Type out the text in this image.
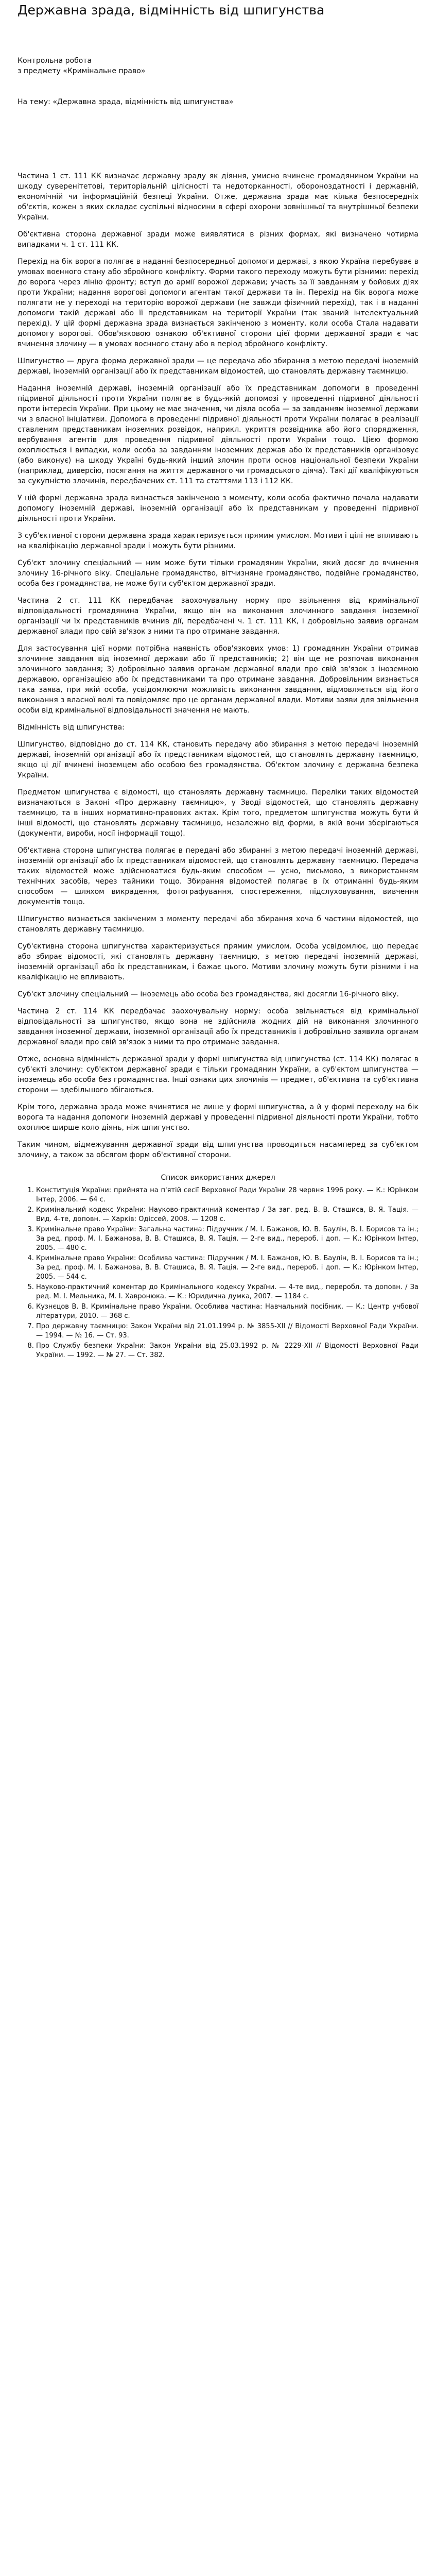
Державна зрада, відмінність від шпигунства

Контрольна робота

з предмету «Кримінальне право»

На тему: «Державна зрада, відмінність від шпигунства»

Частина 1 ст. 111 КК визначає державну зраду як діяння, умисно вчинене громадянином України на шкоду суверенітетові, територіальній цілісності та недоторканності, обороноздатності і державній, економічній чи інформаційній безпеці України. Отже, державна зрада має кілька безпосередніх об'єктів, кожен з яких складає суспільні відносини в сфері охорони зовнішньої та внутрішньої безпеки України.

Об'єктивна сторона державної зради може виявлятися в різних формах, які визначено чотирма випадками ч. 1 ст. 111 КК.

Перехід на бік ворога полягає в наданні безпосередньої допомоги державі, з якою Україна перебуває в умовах воєнного стану або збройного конфлікту. Форми такого переходу можуть бути різними: перехід до ворога через лінію фронту; вступ до армії ворожої держави; участь за її завданням у бойових діях проти України; надання ворогові допомоги агентам такої держави та ін. Перехід на бік ворога може полягати не у переході на територію ворожої держави (не завжди фізичний перехід), так і в наданні допомоги такій державі або її представникам на території України (так званий інтелектуальний перехід). У цій формі державна зрада визнається закінченою з моменту, коли особа Стала надавати допомогу ворогові. Обов'язковою ознакою об'єктивної сторони цієї форми державної зради є час вчинення злочину — в умовах воєнного стану або в період збройного конфлікту.

Шпигунство — друга форма державної зради — це передача або збирання з метою передачі іноземній державі, іноземній організації або їх представникам відомостей, що становлять державну таємницю.

Надання іноземній державі, іноземній організації або їх представникам допомоги в проведенні підривної діяльності проти України полягає в будь-якій допомозі у проведенні підривної діяльності проти інтересів України. При цьому не має значення, чи діяла особа — за завданням іноземної держави чи з власної ініціативи. Допомога в проведенні підривної діяльності проти України полягає в реалізації ставленим представникам іноземних розвідок, наприкл. укриття розвідника або його спорядження, вербування агентів для проведення підривної діяльності проти України тощо. Цією формою охоплюється і випадки, коли особа за завданням іноземних держав або їх представників організовує (або виконує) на шкоду Україні будь-який інший злочин проти основ національної безпеки України (наприклад, диверсію, посягання на життя державного чи громадського діяча). Такі дії кваліфікуються за сукупністю злочинів, передбачених ст. 111 та статтями 113 і 112 КК.

У цій формі державна зрада визнається закінченою з моменту, коли особа фактично почала надавати допомогу іноземній державі, іноземній організації або їх представникам у проведенні підривної діяльності проти України.

З суб'єктивної сторони державна зрада характеризується прямим умислом. Мотиви і цілі не впливають на кваліфікацію державної зради і можуть бути різними.

Суб'єкт злочину спеціальний — ним може бути тільки громадянин України, який досяг до вчинення злочину 16-річного віку. Спеціальне громадянство, вітчизняне громадянство, подвійне громадянство, особа без громадянства, не може бути суб'єктом державної зради.

Частина 2 ст. 111 КК передбачає заохочувальну норму про звільнення від кримінальної відповідальності громадянина України, якщо він на виконання злочинного завдання іноземної організації чи їх представників вчинив дії, передбачені ч. 1 ст. 111 КК, і добровільно заявив органам державної влади про свій зв'язок з ними та про отримане завдання.

Для застосування цієї норми потрібна наявність обов'язкових умов: 1) громадянин України отримав злочинне завдання від іноземної держави або її представників; 2) він ще не розпочав виконання злочинного завдання; 3) добровільно заявив органам державної влади про свій зв'язок з іноземною державою, організацією або їх представниками та про отримане завдання. Добровільним визнається така заява, при якій особа, усвідомлюючи можливість виконання завдання, відмовляється від його виконання з власної волі та повідомляє про це органам державної влади. Мотиви заяви для звільнення особи від кримінальної відповідальності значення не мають.

Відмінність від шпигунства:

Шпигунство, відповідно до ст. 114 КК, становить передачу або збирання з метою передачі іноземній державі, іноземній організації або їх представникам відомостей, що становлять державну таємницю, якщо ці дії вчинені іноземцем або особою без громадянства. Об'єктом злочину є державна безпека України.

Предметом шпигунства є відомості, що становлять державну таємницю. Переліки таких відомостей визначаються в Законі «Про державну таємницю», у Зводі відомостей, що становлять державну таємницю, та в інших нормативно-правових актах. Крім того, предметом шпигунства можуть бути й інші відомості, що становлять державну таємницю, незалежно від форми, в якій вони зберігаються (документи, вироби, носії інформації тощо).

Об'єктивна сторона шпигунства полягає в передачі або збиранні з метою передачі іноземній державі, іноземній організації або їх представникам відомостей, що становлять державну таємницю. Передача таких відомостей може здійснюватися будь-яким способом — усно, письмово, з використанням технічних засобів, через тайники тощо. Збирання відомостей полягає в їх отриманні будь-яким способом — шляхом викрадення, фотографування, спостереження, підслуховування, вивчення документів тощо.

Шпигунство визнається закінченим з моменту передачі або збирання хоча б частини відомостей, що становлять державну таємницю.

Суб'єктивна сторона шпигунства характеризується прямим умислом. Особа усвідомлює, що передає або збирає відомості, які становлять державну таємницю, з метою передачі іноземній державі, іноземній організації або їх представникам, і бажає цього. Мотиви злочину можуть бути різними і на кваліфікацію не впливають.

Суб'єкт злочину спеціальний — іноземець або особа без громадянства, які досягли 16-річного віку.

Частина 2 ст. 114 КК передбачає заохочувальну норму: особа звільняється від кримінальної відповідальності за шпигунство, якщо вона не здійснила жодних дій на виконання злочинного завдання іноземної держави, іноземної організації або їх представників і добровільно заявила органам державної влади про свій зв'язок з ними та про отримане завдання.

Отже, основна відмінність державної зради у формі шпигунства від шпигунства (ст. 114 КК) полягає в суб'єкті злочину: суб'єктом державної зради є тільки громадянин України, а суб'єктом шпигунства — іноземець або особа без громадянства. Інші ознаки цих злочинів — предмет, об'єктивна та суб'єктивна сторони — здебільшого збігаються.

Крім того, державна зрада може вчинятися не лише у формі шпигунства, а й у формі переходу на бік ворога та надання допомоги іноземній державі у проведенні підривної діяльності проти України, тобто охоплює ширше коло діянь, ніж шпигунство.

Таким чином, відмежування державної зради від шпигунства проводиться насамперед за суб'єктом злочину, а також за обсягом форм об'єктивної сторони.

Список використаних джерел
1. Конституція України: прийнята на п'ятій сесії Верховної Ради України 28 червня 1996 року. — К.: Юрінком Інтер, 2006. — 64 с.
2. Кримінальний кодекс України: Науково-практичний коментар / За заг. ред. В. В. Сташиса, В. Я. Тація. — Вид. 4-те, доповн. — Харків: Одіссей, 2008. — 1208 с.
3. Кримінальне право України: Загальна частина: Підручник / М. І. Бажанов, Ю. В. Баулін, В. І. Борисов та ін.; За ред. проф. М. І. Бажанова, В. В. Сташиса, В. Я. Тація. — 2-ге вид., перероб. і доп. — К.: Юрінком Інтер, 2005. — 480 с.
4. Кримінальне право України: Особлива частина: Підручник / М. І. Бажанов, Ю. В. Баулін, В. І. Борисов та ін.; За ред. проф. М. І. Бажанова, В. В. Сташиса, В. Я. Тація. — 2-ге вид., перероб. і доп. — К.: Юрінком Інтер, 2005. — 544 с.
5. Науково-практичний коментар до Кримінального кодексу України. — 4-те вид., переробл. та доповн. / За ред. М. І. Мельника, М. І. Хавронюка. — К.: Юридична думка, 2007. — 1184 с.
6. Кузнєцов В. В. Кримінальне право України. Особлива частина: Навчальний посібник. — К.: Центр учбової літератури, 2010. — 368 с.
7. Про державну таємницю: Закон України від 21.01.1994 р. № 3855-XII // Відомості Верховної Ради України. — 1994. — № 16. — Ст. 93.
8. Про Службу безпеки України: Закон України від 25.03.1992 р. № 2229-XII // Відомості Верховної Ради України. — 1992. — № 27. — Ст. 382.
